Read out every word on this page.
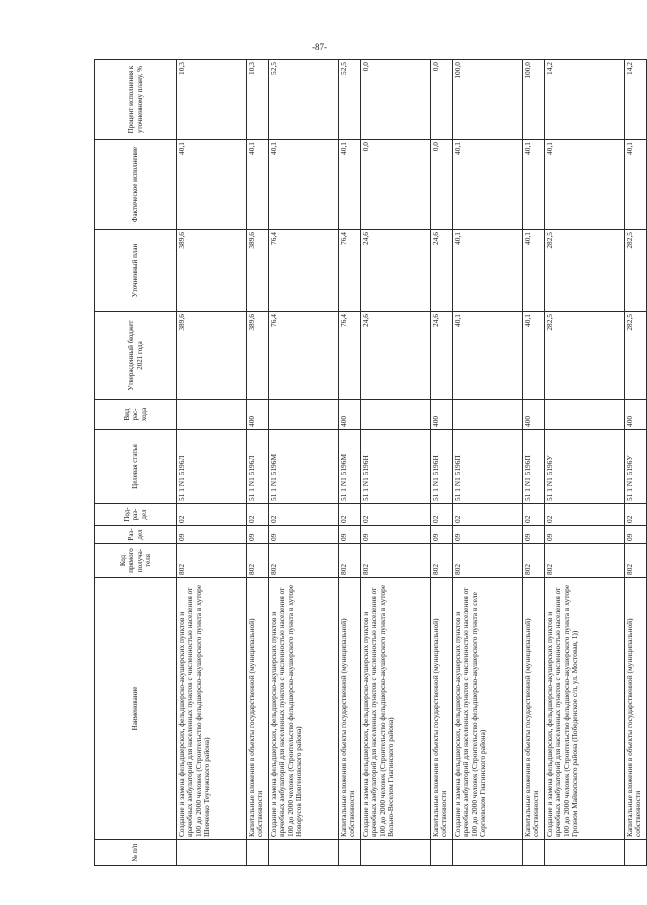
-87-
№ п/п	Наименование	Код прямого получа-теля	Раз-дел	Под-раз-дел	Целевая статья	Вид рас-хода	Утвержденный бюджет 2021 года	Уточненный план	Фактическое исполнение	Процент исполнения к уточненному плану, %
	Создание и замена фельдшерских, фельдшерско-акушерских пунктов и врачебных амбулаторий для населенных пунктов с численностью населения от 100 до 2000 человек (Строительство фельдшерско-акушерского пункта в хуторе Шевченко Теучежского района)	802	09	02	51 1 N1 5196Л		389,6	389,6	40,1	10,3
	Капитальные вложения в объекты государственной (муниципальной) собственности	802	09	02	51 1 N1 5196Л	400	389,6	389,6	40,1	10,3
	Создание и замена фельдшерских, фельдшерско-акушерских пунктов и врачебных амбулаторий для населенных пунктов с численностью населения от 100 до 2000 человек (Строительство фельдшерско-акушерского пункта в хуторе Новорусов Шовгеновского района)	802	09	02	51 1 N1 5196М		76,4	76,4	40,1	52,5
	Капитальные вложения в объекты государственной (муниципальной) собственности	802	09	02	51 1 N1 5196М	400	76,4	76,4	40,1	52,5
	Создание и замена фельдшерских, фельдшерско-акушерских пунктов и врачебных амбулаторий для населенных пунктов с численностью населения от 100 до 2000 человек (Строительство фельдшерско-акушерского пункта в хуторе Вольно-Веселом Гиагинского района)	802	09	02	51 1 N1 5196Н		24,6	24,6	0,0	0,0
	Капитальные вложения в объекты государственной (муниципальной) собственности	802	09	02	51 1 N1 5196Н	400	24,6	24,6	0,0	0,0
	Создание и замена фельдшерских, фельдшерско-акушерских пунктов и врачебных амбулаторий для населенных пунктов с численностью населения от 100 до 2000 человек (Строительство фельдшерско-акушерского пункта в селе Сергиевском Гиагинского района)	802	09	02	51 1 N1 5196П		40,1	40,1	40,1	100,0
	Капитальные вложения в объекты государственной (муниципальной) собственности	802	09	02	51 1 N1 5196П	400	40,1	40,1	40,1	100,0
	Создание и замена фельдшерских, фельдшерско-акушерских пунктов и врачебных амбулаторий для населенных пунктов с численностью населения от 100 до 2000 человек (Строительство фельдшерско-акушерского пункта в хуторе Грозном Майкопского района (Победенское с/п, ул. Мостовая, 1))	802	09	02	51 1 N1 5196У		282,5	282,5	40,1	14,2
	Капитальные вложения в объекты государственной (муниципальной) собственности	802	09	02	51 1 N1 5196У	400	282,5	282,5	40,1	14,2
